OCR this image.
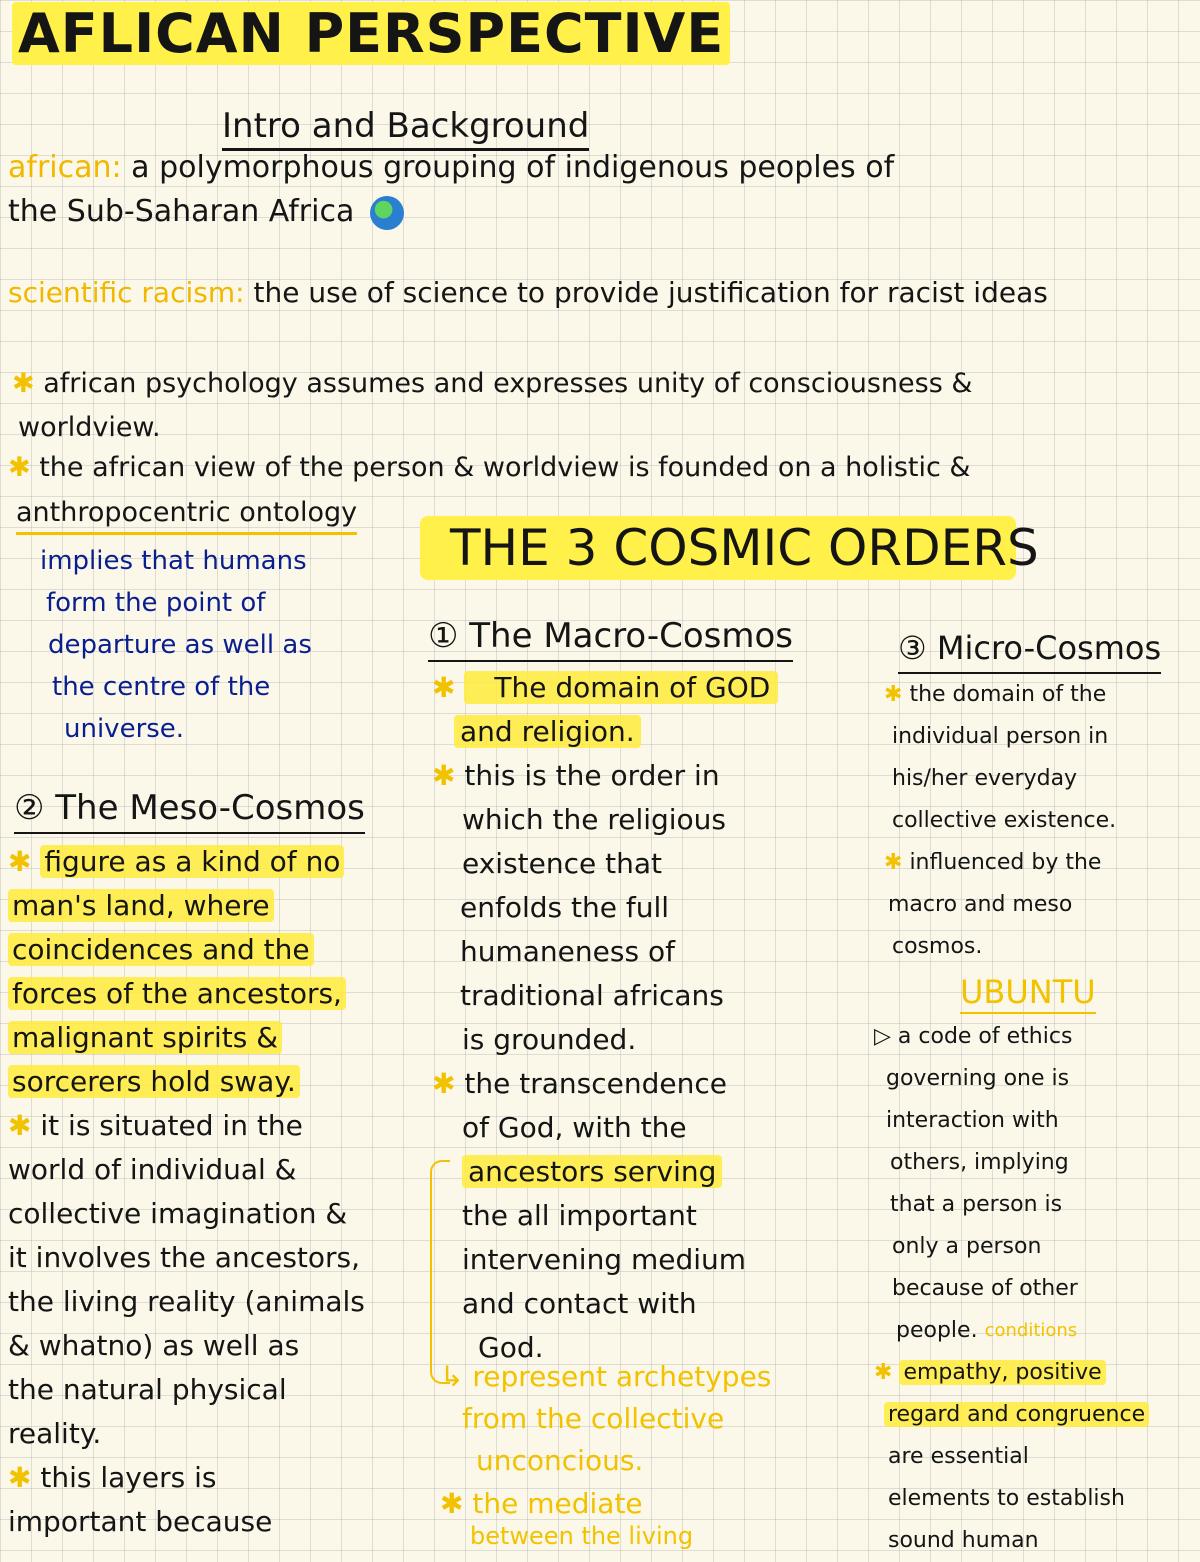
AFLICAN PERSPECTIVE
Intro and Background
african: a polymorphous grouping of indigenous peoples of
the Sub-Saharan Africa
scientific racism: the use of science to provide justification for racist ideas
✱ african psychology assumes and expresses unity of consciousness &
worldview.
✱ the african view of the person & worldview is founded on a holistic &
anthropocentric ontology
implies that humans
form the point of
departure as well as
the centre of the
universe.
THE 3 COSMIC ORDERS
① The Macro-Cosmos
✱ The domain of GOD
and religion.
✱ this is the order in
which the religious
existence that
enfolds the full
humaneness of
traditional africans
is grounded.
✱ the transcendence
of God, with the
ancestors serving
the all important
intervening medium
and contact with
God.
↳ represent archetypes
from the collective
unconcious.
✱ the mediate
between the living
② The Meso-Cosmos
✱ figure as a kind of no
man's land, where
coincidences and the
forces of the ancestors,
malignant spirits &
sorcerers hold sway.
✱ it is situated in the
world of individual &
collective imagination &
it involves the ancestors,
the living reality (animals
& whatno) as well as
the natural physical
reality.
✱ this layers is
important because
③ Micro-Cosmos
✱ the domain of the
individual person in
his/her everyday
collective existence.
✱ influenced by the
macro and meso
cosmos.
UBUNTU
▷ a code of ethics
governing one is
interaction with
others, implying
that a person is
only a person
because of other
people. $^{conditions}$
✱ empathy, positive
regard and congruence
are essential
elements to establish
sound human
